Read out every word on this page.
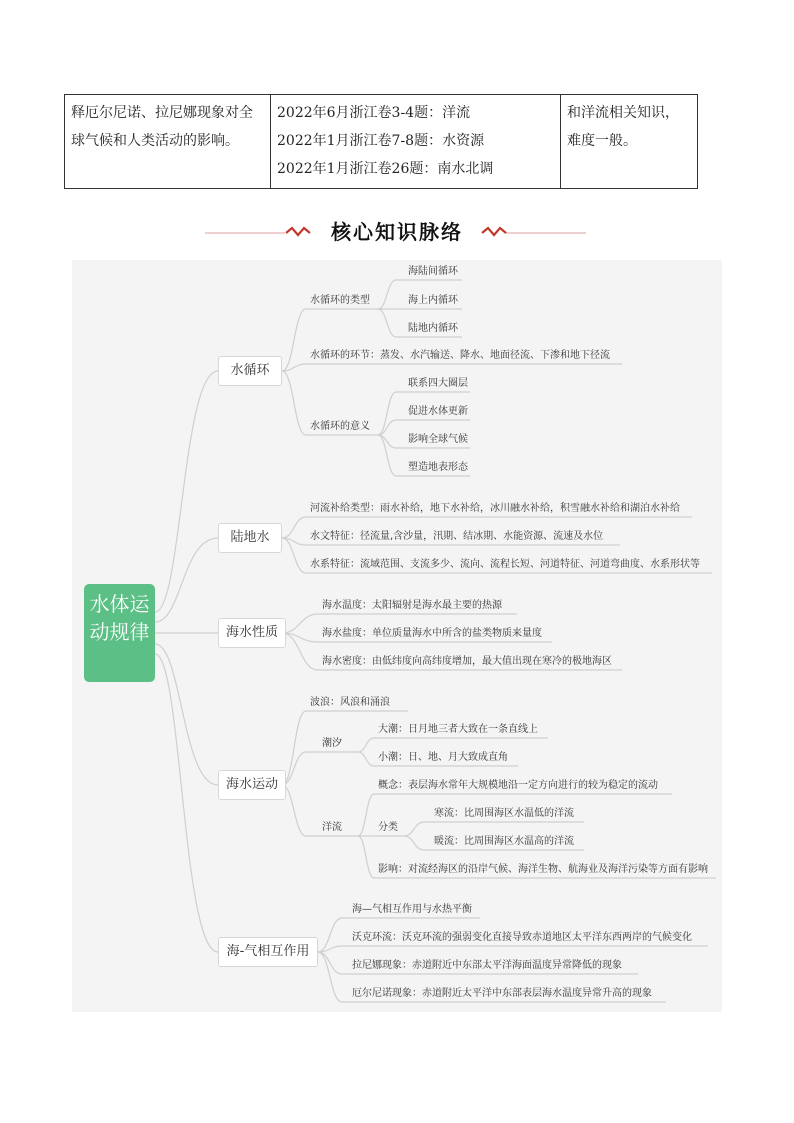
释厄尔尼诺、拉尼娜现象对全球气候和人类活动的影响。
2022年6月浙江卷3-4题：洋流
2022年1月浙江卷7-8题：水资源
2022年1月浙江卷26题：南水北调
和洋流相关知识，难度一般。
核心知识脉络
水体运动规律
水循环
陆地水
海水性质
海水运动
海-气相互作用
水循环的类型
海陆间循环
海上内循环
陆地内循环
水循环的环节：蒸发、水汽输送、降水、地面径流、下渗和地下径流
水循环的意义
联系四大圈层
促进水体更新
影响全球气候
塑造地表形态
河流补给类型：雨水补给，地下水补给，冰川融水补给，积雪融水补给和湖泊水补给
水文特征：径流量,含沙量，汛期、结冰期、水能资源、流速及水位
水系特征：流域范围、支流多少、流向、流程长短、河道特征、河道弯曲度、水系形状等
海水温度：太阳辐射是海水最主要的热源
海水盐度：单位质量海水中所含的盐类物质来量度
海水密度：由低纬度向高纬度增加，最大值出现在寒冷的极地海区
波浪：风浪和涌浪
潮汐
大潮：日月地三者大致在一条直线上
小潮：日、地、月大致成直角
洋流
概念：表层海水常年大规模地沿一定方向进行的较为稳定的流动
分类
寒流：比周围海区水温低的洋流
暖流：比周围海区水温高的洋流
影响：对流经海区的沿岸气候、海洋生物、航海业及海洋污染等方面有影响
海—气相互作用与水热平衡
沃克环流：沃克环流的强弱变化直接导致赤道地区太平洋东西两岸的气候变化
拉尼娜现象：赤道附近中东部太平洋海面温度异常降低的现象
厄尔尼诺现象：赤道附近太平洋中东部表层海水温度异常升高的现象
